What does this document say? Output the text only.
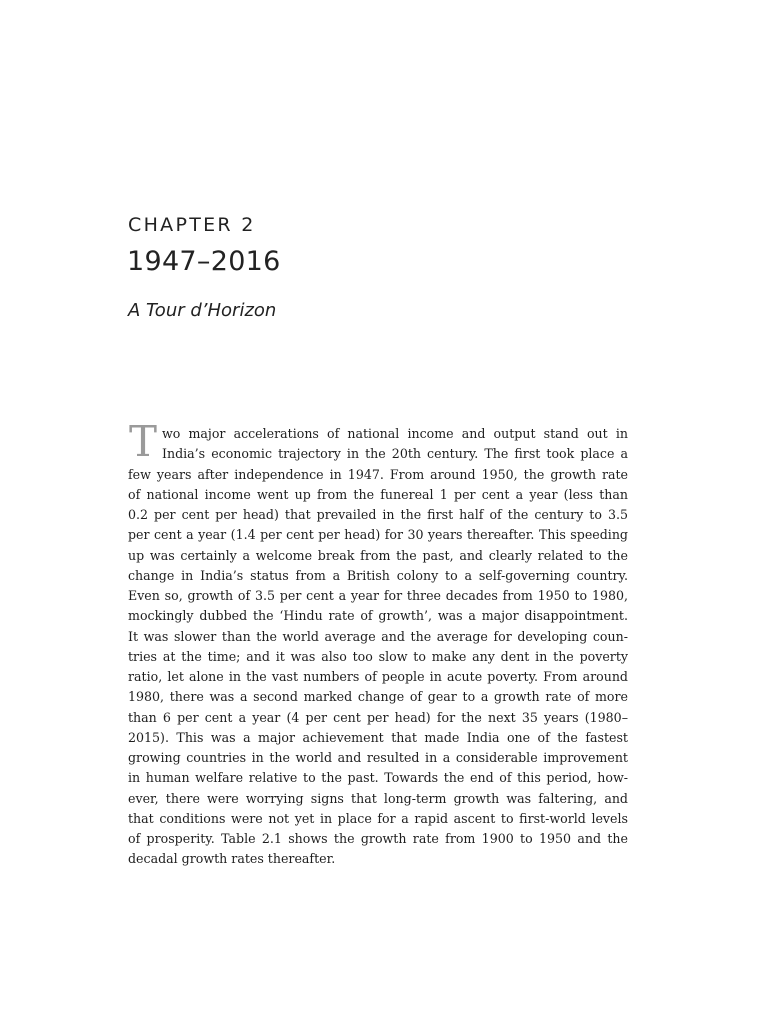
CHAPTER 2
1947–2016
A Tour d’Horizon
T wo major accelerations of national income and output stand out in
India’s economic trajectory in the 20th century. The first took place a
few years after independence in 1947. From around 1950, the growth rate
of national income went up from the funereal 1 per cent a year (less than
0.2 per cent per head) that prevailed in the first half of the century to 3.5
per cent a year (1.4 per cent per head) for 30 years thereafter. This speeding
up was certainly a welcome break from the past, and clearly related to the
change in India’s status from a British colony to a self-governing country.
Even so, growth of 3.5 per cent a year for three decades from 1950 to 1980,
mockingly dubbed the ‘Hindu rate of growth’, was a major disappointment.
It was slower than the world average and the average for developing coun-
tries at the time; and it was also too slow to make any dent in the poverty
ratio, let alone in the vast numbers of people in acute poverty. From around
1980, there was a second marked change of gear to a growth rate of more
than 6 per cent a year (4 per cent per head) for the next 35 years (1980–
2015). This was a major achievement that made India one of the fastest
growing countries in the world and resulted in a considerable improvement
in human welfare relative to the past. Towards the end of this period, how-
ever, there were worrying signs that long-term growth was faltering, and
that conditions were not yet in place for a rapid ascent to first-world levels
of prosperity. Table 2.1 shows the growth rate from 1900 to 1950 and the
decadal growth rates thereafter.
